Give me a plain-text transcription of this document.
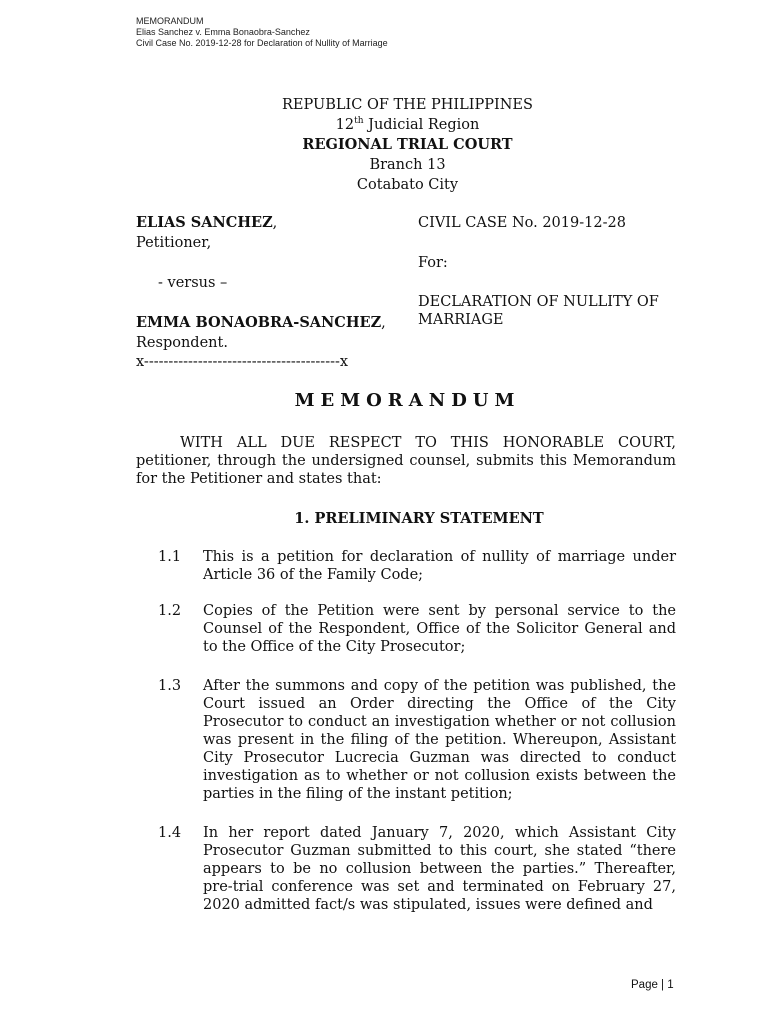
MEMORANDUM
Elias Sanchez v. Emma Bonaobra-Sanchez
Civil Case No. 2019-12-28 for Declaration of Nullity of Marriage
REPUBLIC OF THE PHILIPPINES
12th Judicial Region
REGIONAL TRIAL COURT
Branch 13
Cotabato City
ELIAS SANCHEZ,
Petitioner,
- versus –
EMMA BONAOBRA-SANCHEZ,
Respondent.
x----------------------------------------x
CIVIL CASE No. 2019-12-28
For:
DECLARATION OF NULLITY OF
MARRIAGE
MEMORANDUM
WITH ALL DUE RESPECT TO THIS HONORABLE COURT, petitioner, through the undersigned counsel, submits this Memorandum for the Petitioner and states that:
1. PRELIMINARY STATEMENT
1.1 This is a petition for declaration of nullity of marriage under Article 36 of the Family Code;
1.2 Copies of the Petition were sent by personal service to the Counsel of the Respondent, Office of the Solicitor General and to the Office of the City Prosecutor;
1.3 After the summons and copy of the petition was published, the Court issued an Order directing the Office of the City Prosecutor to conduct an investigation whether or not collusion was present in the filing of the petition. Whereupon, Assistant City Prosecutor Lucrecia Guzman was directed to conduct investigation as to whether or not collusion exists between the parties in the filing of the instant petition;
1.4 In her report dated January 7, 2020, which Assistant City Prosecutor Guzman submitted to this court, she stated “there appears to be no collusion between the parties.” Thereafter, pre-trial conference was set and terminated on February 27, 2020 admitted fact/s was stipulated, issues were defined and
Page | 1
